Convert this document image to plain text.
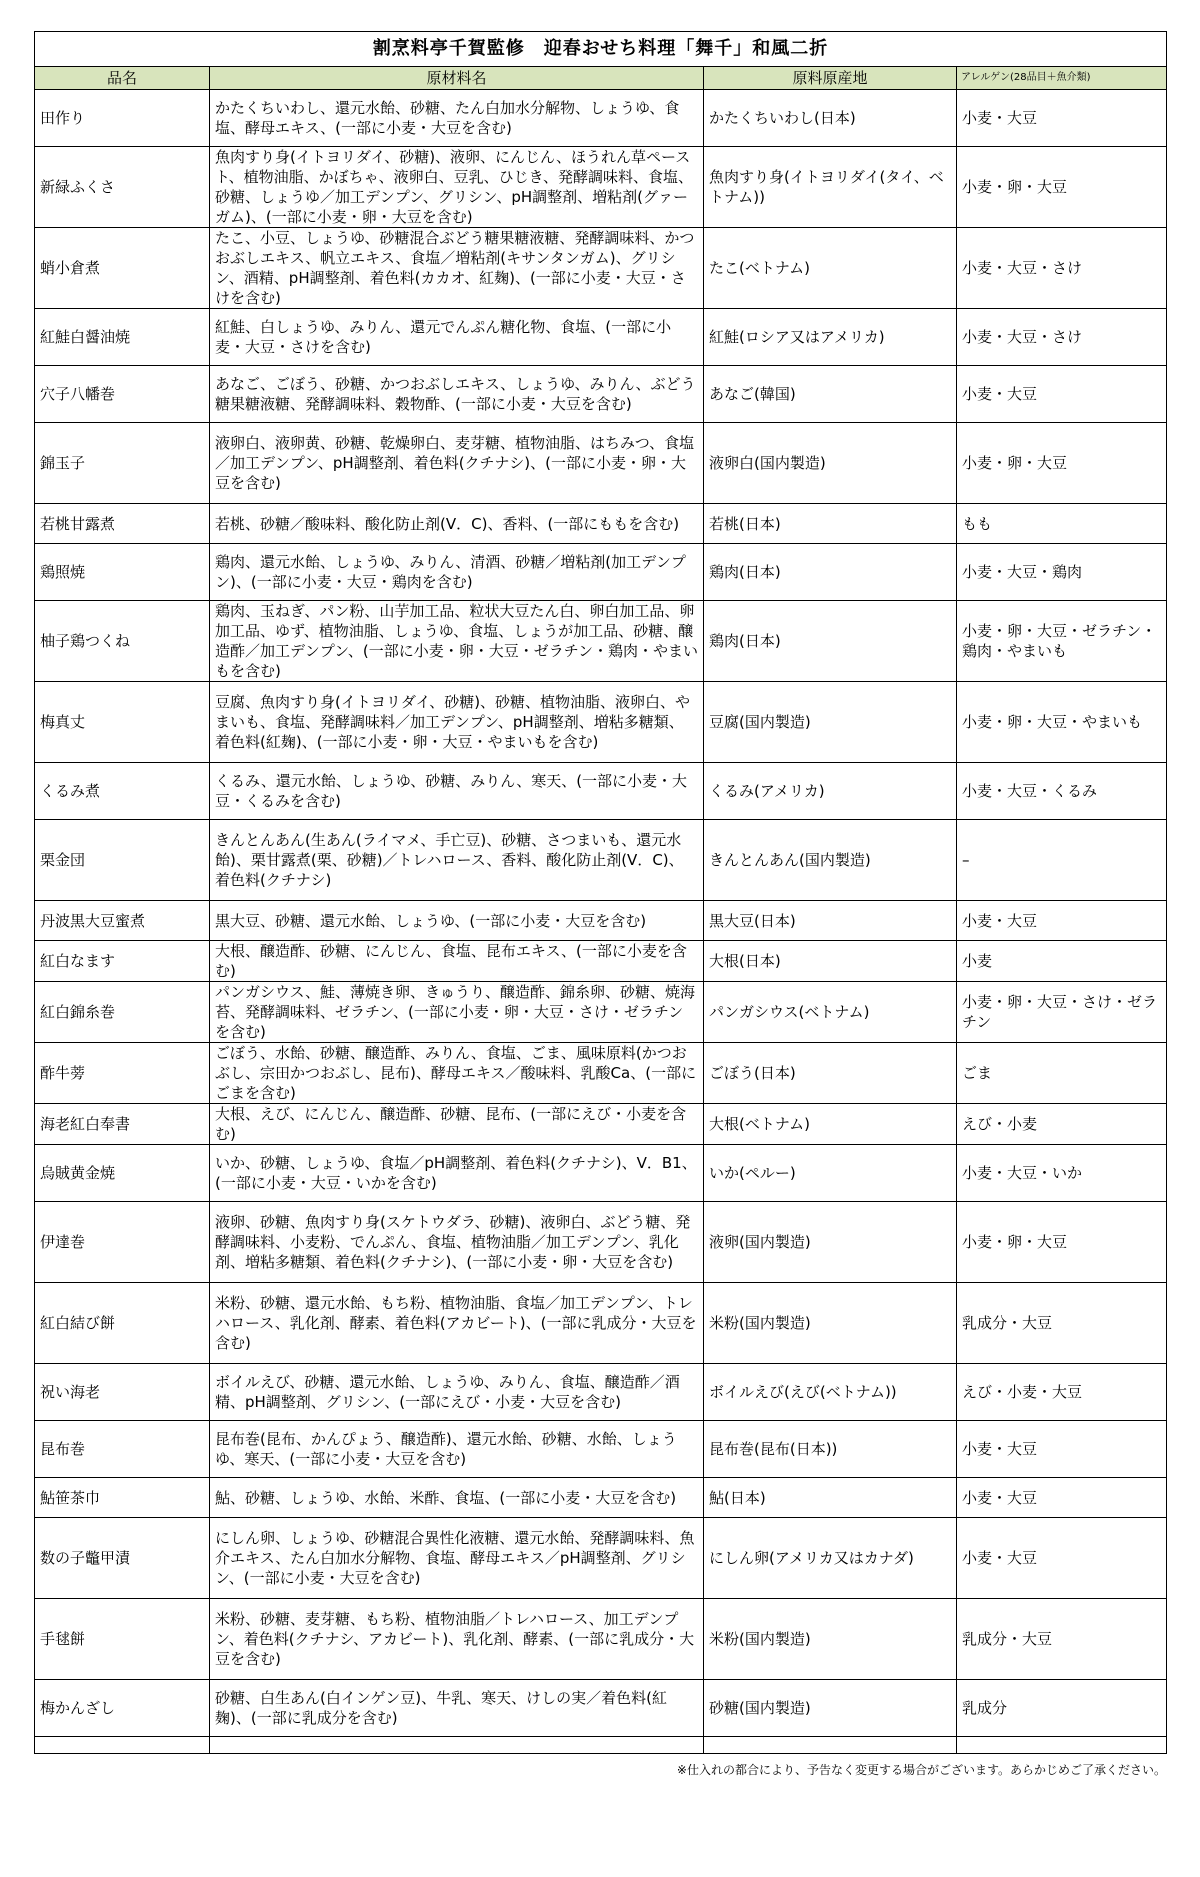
割烹料亭千賀監修　迎春おせち料理「舞千」和風二折			
品名	原材料名	原料原産地	アレルゲン(28品目＋魚介類)
田作り	かたくちいわし、還元水飴、砂糖、たん白加水分解物、しょうゆ、食塩、酵母エキス、(一部に小麦・大豆を含む)	かたくちいわし(日本)	小麦・大豆
新緑ふくさ	魚肉すり身(イトヨリダイ、砂糖)、液卵、にんじん、ほうれん草ペースト、植物油脂、かぼちゃ、液卵白、豆乳、ひじき、発酵調味料、食塩、砂糖、しょうゆ／加工デンプン、グリシン、pH調整剤、増粘剤(グァーガム)、(一部に小麦・卵・大豆を含む)	魚肉すり身(イトヨリダイ(タイ、ベトナム))	小麦・卵・大豆
蛸小倉煮	たこ、小豆、しょうゆ、砂糖混合ぶどう糖果糖液糖、発酵調味料、かつおぶしエキス、帆立エキス、食塩／増粘剤(キサンタンガム)、グリシン、酒精、pH調整剤、着色料(カカオ、紅麹)、(一部に小麦・大豆・さけを含む)	たこ(ベトナム)	小麦・大豆・さけ
紅鮭白醤油焼	紅鮭、白しょうゆ、みりん、還元でんぷん糖化物、食塩、(一部に小麦・大豆・さけを含む)	紅鮭(ロシア又はアメリカ)	小麦・大豆・さけ
穴子八幡巻	あなご、ごぼう、砂糖、かつおぶしエキス、しょうゆ、みりん、ぶどう糖果糖液糖、発酵調味料、穀物酢、(一部に小麦・大豆を含む)	あなご(韓国)	小麦・大豆
錦玉子	液卵白、液卵黄、砂糖、乾燥卵白、麦芽糖、植物油脂、はちみつ、食塩／加工デンプン、pH調整剤、着色料(クチナシ)、(一部に小麦・卵・大豆を含む)	液卵白(国内製造)	小麦・卵・大豆
若桃甘露煮	若桃、砂糖／酸味料、酸化防止剤(V．C)、香料、(一部にももを含む)	若桃(日本)	もも
鶏照焼	鶏肉、還元水飴、しょうゆ、みりん、清酒、砂糖／増粘剤(加工デンプン)、(一部に小麦・大豆・鶏肉を含む)	鶏肉(日本)	小麦・大豆・鶏肉
柚子鶏つくね	鶏肉、玉ねぎ、パン粉、山芋加工品、粒状大豆たん白、卵白加工品、卵加工品、ゆず、植物油脂、しょうゆ、食塩、しょうが加工品、砂糖、醸造酢／加工デンプン、(一部に小麦・卵・大豆・ゼラチン・鶏肉・やまいもを含む)	鶏肉(日本)	小麦・卵・大豆・ゼラチン・鶏肉・やまいも
梅真丈	豆腐、魚肉すり身(イトヨリダイ、砂糖)、砂糖、植物油脂、液卵白、やまいも、食塩、発酵調味料／加工デンプン、pH調整剤、増粘多糖類、着色料(紅麹)、(一部に小麦・卵・大豆・やまいもを含む)	豆腐(国内製造)	小麦・卵・大豆・やまいも
くるみ煮	くるみ、還元水飴、しょうゆ、砂糖、みりん、寒天、(一部に小麦・大豆・くるみを含む)	くるみ(アメリカ)	小麦・大豆・くるみ
栗金団	きんとんあん(生あん(ライマメ、手亡豆)、砂糖、さつまいも、還元水飴)、栗甘露煮(栗、砂糖)／トレハロース、香料、酸化防止剤(V．C)、着色料(クチナシ)	きんとんあん(国内製造)	–
丹波黒大豆蜜煮	黒大豆、砂糖、還元水飴、しょうゆ、(一部に小麦・大豆を含む)	黒大豆(日本)	小麦・大豆
紅白なます	大根、醸造酢、砂糖、にんじん、食塩、昆布エキス、(一部に小麦を含む)	大根(日本)	小麦
紅白錦糸巻	パンガシウス、鮭、薄焼き卵、きゅうり、醸造酢、錦糸卵、砂糖、焼海苔、発酵調味料、ゼラチン、(一部に小麦・卵・大豆・さけ・ゼラチンを含む)	パンガシウス(ベトナム)	小麦・卵・大豆・さけ・ゼラチン
酢牛蒡	ごぼう、水飴、砂糖、醸造酢、みりん、食塩、ごま、風味原料(かつおぶし、宗田かつおぶし、昆布)、酵母エキス／酸味料、乳酸Ca、(一部にごまを含む)	ごぼう(日本)	ごま
海老紅白奉書	大根、えび、にんじん、醸造酢、砂糖、昆布、(一部にえび・小麦を含む)	大根(ベトナム)	えび・小麦
烏賊黄金焼	いか、砂糖、しょうゆ、食塩／pH調整剤、着色料(クチナシ)、V．B1、(一部に小麦・大豆・いかを含む)	いか(ペルー)	小麦・大豆・いか
伊達巻	液卵、砂糖、魚肉すり身(スケトウダラ、砂糖)、液卵白、ぶどう糖、発酵調味料、小麦粉、でんぷん、食塩、植物油脂／加工デンプン、乳化剤、増粘多糖類、着色料(クチナシ)、(一部に小麦・卵・大豆を含む)	液卵(国内製造)	小麦・卵・大豆
紅白結び餅	米粉、砂糖、還元水飴、もち粉、植物油脂、食塩／加工デンプン、トレハロース、乳化剤、酵素、着色料(アカビート)、(一部に乳成分・大豆を含む)	米粉(国内製造)	乳成分・大豆
祝い海老	ボイルえび、砂糖、還元水飴、しょうゆ、みりん、食塩、醸造酢／酒精、pH調整剤、グリシン、(一部にえび・小麦・大豆を含む)	ボイルえび(えび(ベトナム))	えび・小麦・大豆
昆布巻	昆布巻(昆布、かんぴょう、醸造酢)、還元水飴、砂糖、水飴、しょうゆ、寒天、(一部に小麦・大豆を含む)	昆布巻(昆布(日本))	小麦・大豆
鮎笹茶巾	鮎、砂糖、しょうゆ、水飴、米酢、食塩、(一部に小麦・大豆を含む)	鮎(日本)	小麦・大豆
数の子鼈甲漬	にしん卵、しょうゆ、砂糖混合異性化液糖、還元水飴、発酵調味料、魚介エキス、たん白加水分解物、食塩、酵母エキス／pH調整剤、グリシン、(一部に小麦・大豆を含む)	にしん卵(アメリカ又はカナダ)	小麦・大豆
手毬餅	米粉、砂糖、麦芽糖、もち粉、植物油脂／トレハロース、加工デンプン、着色料(クチナシ、アカビート)、乳化剤、酵素、(一部に乳成分・大豆を含む)	米粉(国内製造)	乳成分・大豆
梅かんざし	砂糖、白生あん(白インゲン豆)、牛乳、寒天、けしの実／着色料(紅麹)、(一部に乳成分を含む)	砂糖(国内製造)	乳成分

※仕入れの都合により、予告なく変更する場合がございます。あらかじめご了承ください。
